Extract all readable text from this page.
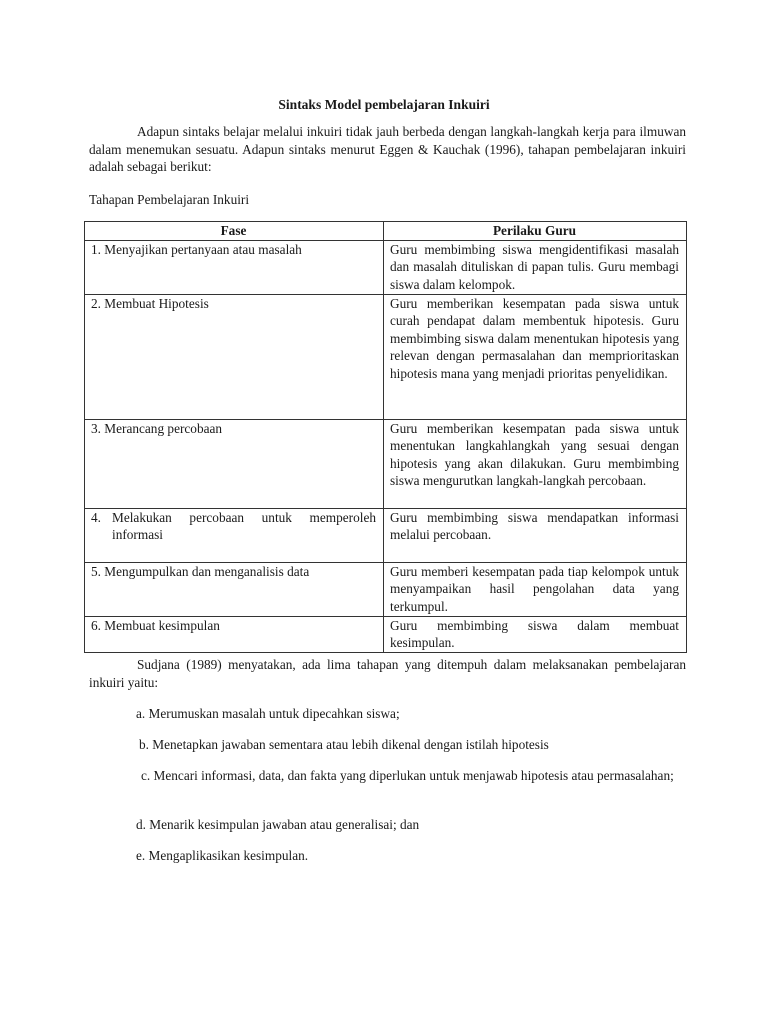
Sintaks Model pembelajaran Inkuiri

Adapun sintaks belajar melalui inkuiri tidak jauh berbeda dengan langkah-langkah kerja para ilmuwan dalam menemukan sesuatu. Adapun sintaks menurut Eggen & Kauchak (1996), tahapan pembelajaran inkuiri adalah sebagai berikut:

Tahapan Pembelajaran Inkuiri

Fase	Perilaku Guru
1. Menyajikan pertanyaan atau masalah	Guru membimbing siswa mengidentifikasi masalah dan masalah dituliskan di papan tulis. Guru membagi siswa dalam kelompok.
2. Membuat Hipotesis	Guru memberikan kesempatan pada siswa untuk curah pendapat dalam membentuk hipotesis. Guru membimbing siswa dalam menentukan hipotesis yang relevan dengan permasalahan dan memprioritaskan hipotesis mana yang menjadi prioritas penyelidikan.
3. Merancang percobaan	Guru memberikan kesempatan pada siswa untuk menentukan langkahlangkah yang sesuai dengan hipotesis yang akan dilakukan. Guru membimbing siswa mengurutkan langkah-langkah percobaan.

4. Melakukan percobaan untuk memperoleh informasi	Guru membimbing siswa mendapatkan informasi melalui percobaan.
5. Mengumpulkan dan menganalisis data	Guru memberi kesempatan pada tiap kelompok untuk menyampaikan hasil pengolahan data yang terkumpul.
6. Membuat kesimpulan	Guru membimbing siswa dalam membuat kesimpulan.

Sudjana (1989) menyatakan, ada lima tahapan yang ditempuh dalam melaksanakan pembelajaran inkuiri yaitu:

a. Merumuskan masalah untuk dipecahkan siswa;

b. Menetapkan jawaban sementara atau lebih dikenal dengan istilah hipotesis

c. Mencari informasi, data, dan fakta yang diperlukan untuk menjawab hipotesis atau permasalahan;

d. Menarik kesimpulan jawaban atau generalisai; dan

e. Mengaplikasikan kesimpulan.
